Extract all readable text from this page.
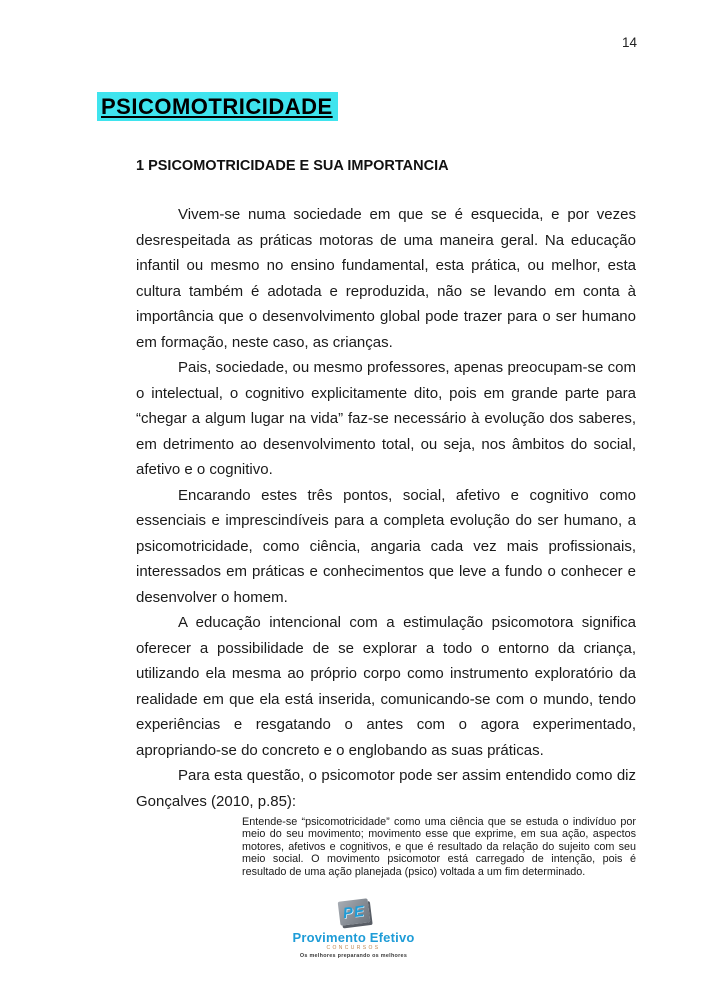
14
PSICOMOTRICIDADE
1 PSICOMOTRICIDADE E SUA IMPORTANCIA

Vivem-se numa sociedade em que se é esquecida, e por vezes desrespeitada as práticas motoras de uma maneira geral. Na educação infantil ou mesmo no ensino fundamental, esta prática, ou melhor, esta cultura também é adotada e reproduzida, não se levando em conta à importância que o desenvolvimento global pode trazer para o ser humano em formação, neste caso, as crianças.

Pais, sociedade, ou mesmo professores, apenas preocupam-se com o intelectual, o cognitivo explicitamente dito, pois em grande parte para “chegar a algum lugar na vida” faz-se necessário à evolução dos saberes, em detrimento ao desenvolvimento total, ou seja, nos âmbitos do social, afetivo e o cognitivo.

Encarando estes três pontos, social, afetivo e cognitivo como essenciais e imprescindíveis para a completa evolução do ser humano, a psicomotricidade, como ciência, angaria cada vez mais profissionais, interessados em práticas e conhecimentos que leve a fundo o conhecer e desenvolver o homem.

A educação intencional com a estimulação psicomotora significa oferecer a possibilidade de se explorar a todo o entorno da criança, utilizando ela mesma ao próprio corpo como instrumento exploratório da realidade em que ela está inserida, comunicando-se com o mundo, tendo experiências e resgatando o antes com o agora experimentado, apropriando-se do concreto e o englobando as suas práticas.

Para esta questão, o psicomotor pode ser assim entendido como diz Gonçalves (2010, p.85):

Entende-se “psicomotricidade” como uma ciência que se estuda o indivíduo por meio do seu movimento; movimento esse que exprime, em sua ação, aspectos motores, afetivos e cognitivos, e que é resultado da relação do sujeito com seu meio social. O movimento psicomotor está carregado de intenção, pois é resultado de uma ação planejada (psico) voltada a um fim determinado.
PE
Provimento Efetivo
CONCURSOS
Os melhores preparando os melhores
